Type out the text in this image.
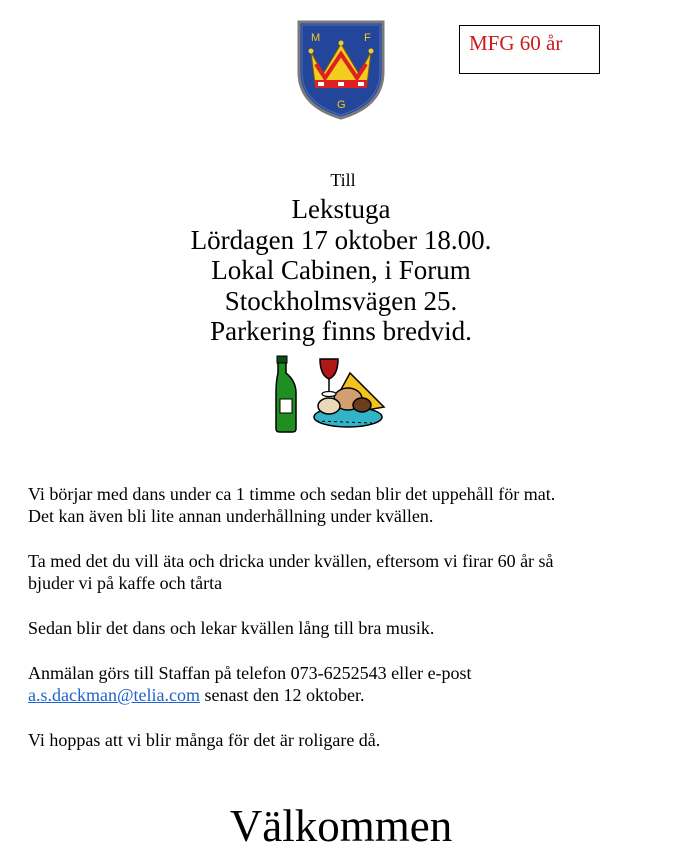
M	F
G
MFG 60 år
Till
Lekstuga
Lördagen 17 oktober 18.00.
Lokal Cabinen, i Forum
Stockholmsvägen 25.
Parkering finns bredvid.

Vi börjar med dans under ca 1 timme och sedan blir det uppehåll för mat.
Det kan även bli lite annan underhållning under kvällen.

Ta med det du vill äta och dricka under kvällen, eftersom vi firar 60 år så
bjuder vi på kaffe och tårta

Sedan blir det dans och lekar kvällen lång till bra musik.

Anmälan görs till Staffan på telefon 073-6252543 eller e-post
a.s.dackman@telia.com senast den 12 oktober.

Vi hoppas att vi blir många för det är roligare då.

Välkommen
